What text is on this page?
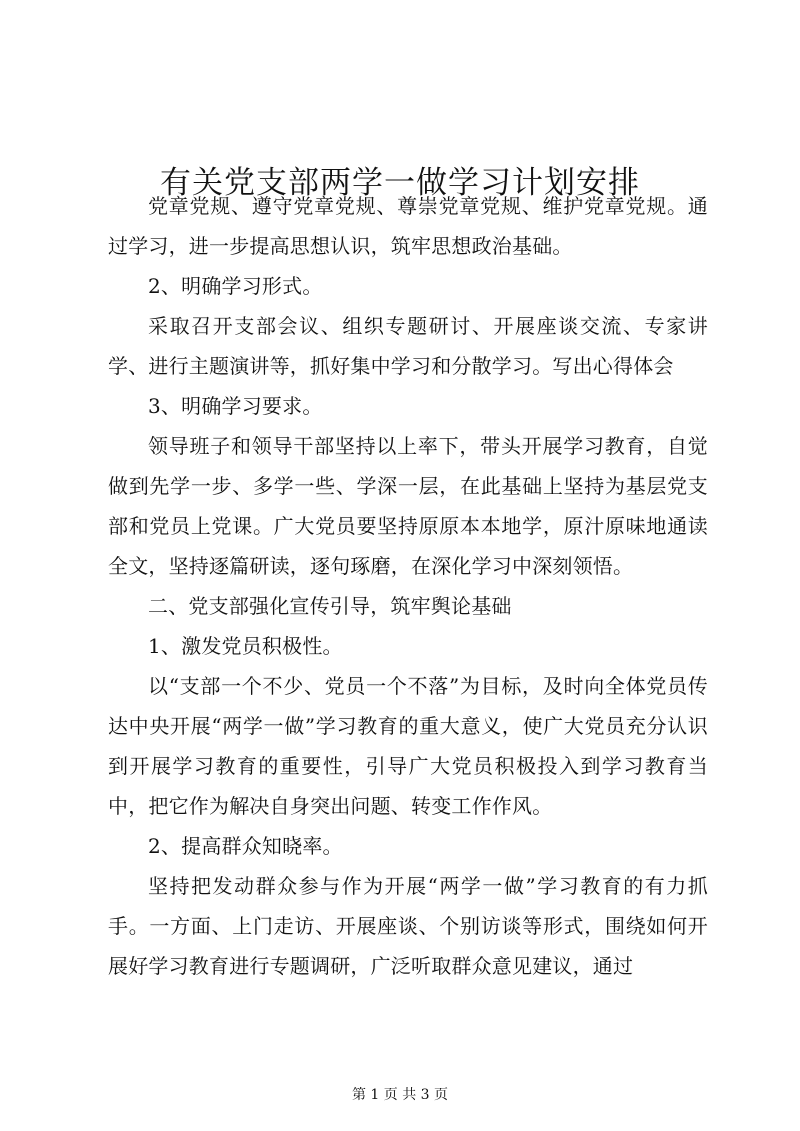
有关党支部两学一做学习计划安排

党章党规、遵守党章党规、尊崇党章党规、维护党章党规。通过学习，进一步提高思想认识，筑牢思想政治基础。

2、明确学习形式。

采取召开支部会议、组织专题研讨、开展座谈交流、专家讲学、进行主题演讲等，抓好集中学习和分散学习。写出心得体会

3、明确学习要求。

领导班子和领导干部坚持以上率下，带头开展学习教育，自觉做到先学一步、多学一些、学深一层，在此基础上坚持为基层党支部和党员上党课。广大党员要坚持原原本本地学，原汁原味地通读全文，坚持逐篇研读，逐句琢磨，在深化学习中深刻领悟。

二、党支部强化宣传引导，筑牢舆论基础

1、激发党员积极性。

以“支部一个不少、党员一个不落”为目标，及时向全体党员传达中央开展“两学一做”学习教育的重大意义，使广大党员充分认识到开展学习教育的重要性，引导广大党员积极投入到学习教育当中，把它作为解决自身突出问题、转变工作作风。

2、提高群众知晓率。

坚持把发动群众参与作为开展“两学一做”学习教育的有力抓手。一方面、上门走访、开展座谈、个别访谈等形式，围绕如何开展好学习教育进行专题调研，广泛听取群众意见建议，通过

第 1 页 共 3 页
